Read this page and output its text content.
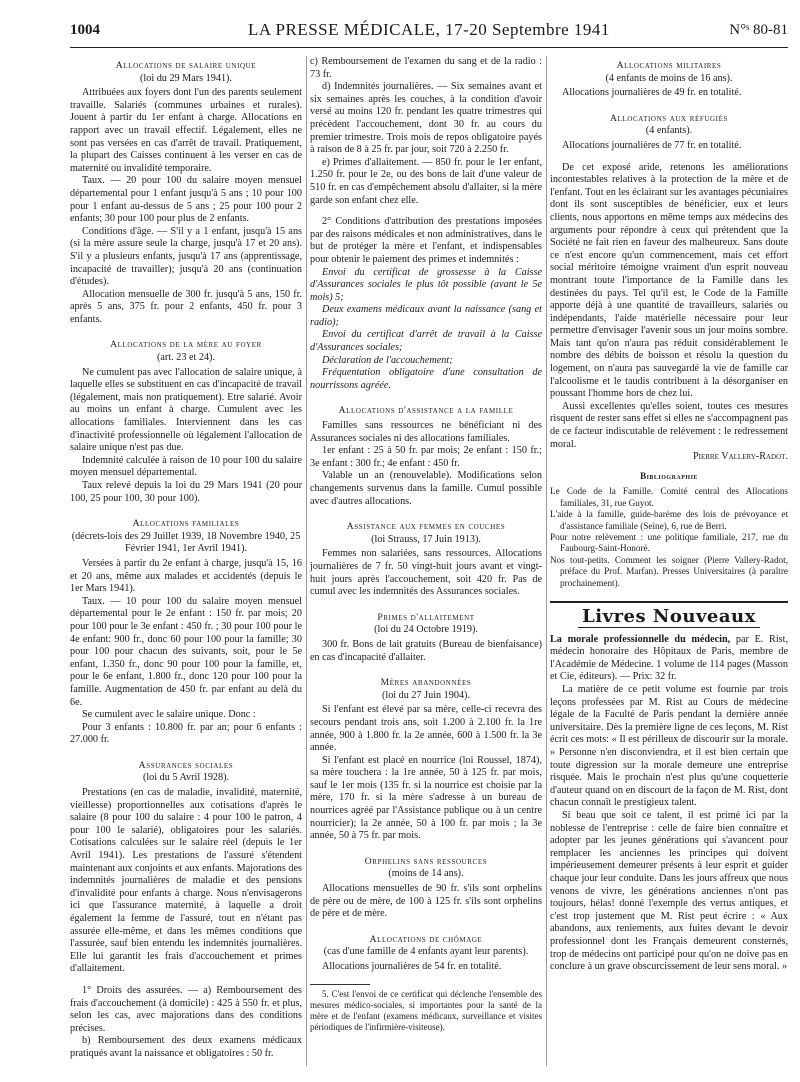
1004	LA PRESSE MÉDICALE, 17-20 Septembre 1941	N°ˢ 80-81
Allocations de salaire unique
(loi du 29 Mars 1941).

Attribuées aux foyers dont l'un des parents seulement travaille. Salariés (communes urbaines et rurales). Jouent à partir du 1er enfant à charge. Allocations en rapport avec un travail effectif. Légalement, elles ne sont pas versées en cas d'arrêt de travail. Pratiquement, la plupart des Caisses continuent à les verser en cas de maternité ou invalidité temporaire.

Taux. — 20 pour 100 du salaire moyen mensuel départemental pour 1 enfant jusqu'à 5 ans ; 10 pour 100 pour 1 enfant au-dessus de 5 ans ; 25 pour 100 pour 2 enfants; 30 pour 100 pour plus de 2 enfants.

Conditions d'âge. — S'il y a 1 enfant, jusqu'à 15 ans (si la mère assure seule la charge, jusqu'à 17 et 20 ans). S'il y a plusieurs enfants, jusqu'à 17 ans (apprentissage, incapacité de travailler); jusqu'à 20 ans (continuation d'études).

Allocation mensuelle de 300 fr. jusqu'à 5 ans, 150 fr. après 5 ans, 375 fr. pour 2 enfants, 450 fr. pour 3 enfants.

Allocations de la mère au foyer
(art. 23 et 24).

Ne cumulent pas avec l'allocation de salaire unique, à laquelle elles se substituent en cas d'incapacité de travail (légalement, mais non pratiquement). Etre salarié. Avoir au moins un enfant à charge. Cumulent avec les allocations familiales. Interviennent dans les cas d'inactivité professionnelle où légalement l'allocation de salaire unique n'est pas due.

Indemnité calculée à raison de 10 pour 100 du salaire moyen mensuel départemental.

Taux relevé depuis la loi du 29 Mars 1941 (20 pour 100, 25 pour 100, 30 pour 100).

Allocations familiales
(décrets-lois des 29 Juillet 1939, 18 Novembre 1940, 25 Février 1941, 1er Avril 1941).

Versées à partir du 2e enfant à charge, jusqu'à 15, 16 et 20 ans, même aux malades et accidentés (depuis le 1er Mars 1941).

Taux. — 10 pour 100 du salaire moyen mensuel départemental pour le 2e enfant : 150 fr. par mois; 20 pour 100 pour le 3e enfant : 450 fr. ; 30 pour 100 pour le 4e enfant: 900 fr., donc 60 pour 100 pour la famille; 30 pour 100 pour chacun des suivants, soit, pour le 5e enfant, 1.350 fr., donc 90 pour 100 pour la famille, et, pour le 6e enfant, 1.800 fr., donc 120 pour 100 pour la famille. Augmentation de 450 fr. par enfant au delà du 6e.

Se cumulent avec le salaire unique. Donc :

Pour 3 enfants : 10.800 fr. par an; pour 6 enfants : 27.000 fr.

Assurances sociales
(loi du 5 Avril 1928).

Prestations (en cas de maladie, invalidité, maternité, vieillesse) proportionnelles aux cotisations d'après le salaire (8 pour 100 du salaire : 4 pour 100 le patron, 4 pour 100 le salarié), obligatoires pour les salariés. Cotisations calculées sur le salaire réel (depuis le 1er Avril 1941). Les prestations de l'assuré s'étendent maintenant aux conjoints et aux enfants. Majorations des indemnités journalières de maladie et des pensions d'invalidité pour enfants à charge. Nous n'envisagerons ici que l'assurance maternité, à laquelle a droit également la femme de l'assuré, tout en n'étant pas assurée elle-même, et dans les mêmes conditions que l'assurée, sauf bien entendu les indemnités journalières. Elle lui garantit les frais d'accouchement et primes d'allaitement.

1° Droits des assurées. — a) Remboursement des frais d'accouchement (à domicile) : 425 à 550 fr. et plus, selon les cas, avec majorations dans des conditions précises.

b) Remboursement des deux examens médicaux pratiqués avant la naissance et obligatoires : 50 fr.

c) Remboursement de l'examen du sang et de la radio : 73 fr.

d) Indemnités journalières. — Six semaines avant et six semaines après les couches, à la condition d'avoir versé au moins 120 fr. pendant les quatre trimestres qui précèdent l'accouchement, dont 30 fr. au cours du premier trimestre. Trois mois de repos obligatoire payés à raison de 8 à 25 fr. par jour, soit 720 à 2.250 fr.

e) Primes d'allaitement. — 850 fr. pour le 1er enfant, 1.250 fr. pour le 2e, ou des bons de lait d'une valeur de 510 fr. en cas d'empêchement absolu d'allaiter, si la mère garde son enfant chez elle.

2° Conditions d'attribution des prestations imposées par des raisons médicales et non administratives, dans le but de protéger la mère et l'enfant, et indispensables pour obtenir le paiement des primes et indemnités :

Envoi du certificat de grossesse à la Caisse d'Assurances sociales le plus tôt possible (avant le 5e mois) 5;

Deux examens médicaux avant la naissance (sang et radio);

Envoi du certificat d'arrêt de travail à la Caisse d'Assurances sociales;

Déclaration de l'accouchement;

Fréquentation obligatoire d'une consultation de nourrissons agréée.

Allocations d'assistance a la famille

Familles sans ressources ne bénéficiant ni des Assurances sociales ni des allocations familiales.

1er enfant : 25 à 50 fr. par mois; 2e enfant : 150 fr.; 3e enfant : 300 fr.; 4e enfant : 450 fr.

Valable un an (renouvelable). Modifications selon changements survenus dans la famille. Cumul possible avec d'autres allocations.

Assistance aux femmes en couches
(loi Strauss, 17 Juin 1913).

Femmes non salariées, sans ressources. Allocations journalières de 7 fr. 50 vingt-huit jours avant et vingt-huit jours après l'accouchement, soit 420 fr. Pas de cumul avec les indemnités des Assurances sociales.

Primes d'allaitement
(loi du 24 Octobre 1919).

300 fr. Bons de lait gratuits (Bureau de bienfaisance) en cas d'incapacité d'allaiter.

Mères abandonnées
(loi du 27 Juin 1904).

Si l'enfant est élevé par sa mère, celle-ci recevra des secours pendant trois ans, soit 1.200 à 2.100 fr. la 1re année, 900 à 1.800 fr. la 2e année, 600 à 1.500 fr. la 3e année.

Si l'enfant est placé en nourrice (loi Roussel, 1874), sa mère touchera : la 1re année, 50 à 125 fr. par mois, sauf le 1er mois (135 fr. si la nourrice est choisie par la mère, 170 fr. si la mère s'adresse à un bureau de nourrices agréé par l'Assistance publique ou à un centre nourricier); la 2e année, 50 à 100 fr. par mois ; la 3e année, 50 à 75 fr. par mois.

Orphelins sans ressources
(moins de 14 ans).

Allocations mensuelles de 90 fr. s'ils sont orphelins de père ou de mère, de 100 à 125 fr. s'ils sont orphelins de père et de mère.

Allocations de chômage
(cas d'une famille de 4 enfants ayant leur parents).

Allocations journalières de 54 fr. en totalité.

5. C'est l'envoi de ce certificat qui déclenche l'ensemble des mesures médico-sociales, si importantes pour la santé de la mère et de l'enfant (examens médicaux, surveillance et visites périodiques de l'infirmière-visiteuse).

Allocations militaires
(4 enfants de moins de 16 ans).

Allocations journalières de 49 fr. en totalité.

Allocations aux réfugiés
(4 enfants).

Allocations journalières de 77 fr. en totalité.

De cet exposé aride, retenons les améliorations incontestables relatives à la protection de la mère et de l'enfant. Tout en les éclairant sur les avantages pécuniaires dont ils sont susceptibles de bénéficier, eux et leurs clients, nous apportons en même temps aux médecins des arguments pour répondre à ceux qui prétendent que la Société ne fait rien en faveur des malheureux. Sans doute ce n'est encore qu'un commencement, mais cet effort social méritoire témoigne vraiment d'un esprit nouveau montrant toute l'importance de la Famille dans les destinées du pays. Tel qu'il est, le Code de la Famille apporte déjà à une quantité de travailleurs, salariés ou indépendants, l'aide matérielle nécessaire pour leur permettre d'envisager l'avenir sous un jour moins sombre. Mais tant qu'on n'aura pas réduit considérablement le nombre des débits de boisson et résolu la question du logement, on n'aura pas sauvegardé la vie de famille car l'alcoolisme et le taudis contribuent à la désorganiser en poussant l'homme hors de chez lui.

Aussi excellentes qu'elles soient, toutes ces mesures risquent de rester sans effet si elles ne s'accompagnent pas de ce facteur indiscutable de relèvement : le redressement moral.

Pierre Vallery-Radot.

Bibliographie

Le Code de la Famille. Comité central des Allocations familiales, 31, rue Guyot.

L'aide à la famille, guide-barème des lois de prévoyance et d'assistance familiale (Seine), 6, rue de Berri.

Pour notre relèvement : une politique familiale, 217, rue du Faubourg-Saint-Honoré.

Nos tout-petits. Comment les soigner (Pierre Vallery-Radot, préface du Prof. Marfan). Presses Universitaires (à paraître prochainement).

Livres Nouveaux

La morale professionnelle du médecin, par E. Rist, médecin honoraire des Hôpitaux de Paris, membre de l'Académie de Médecine. 1 volume de 114 pages (Masson et Cie, éditeurs). — Prix: 32 fr.

La matière de ce petit volume est fournie par trois leçons professées par M. Rist au Cours de médecine légale de la Faculté de Paris pendant la dernière année universitaire. Dès la première ligne de ces leçons, M. Rist écrit ces mots: « Il est périlleux de discourir sur la morale. » Personne n'en disconviendra, et il est bien certain que toute digression sur la morale demeure une entreprise risquée. Mais le prochain n'est plus qu'une coquetterie d'auteur quand on en discourt de la façon de M. Rist, dont chacun connaît le prestigieux talent.

Si beau que soit ce talent, il est primé ici par la noblesse de l'entreprise : celle de faire bien connaître et adopter par les jeunes générations qui s'avancent pour remplacer les anciennes les principes qui doivent impérieusement demeurer présents à leur esprit et guider chaque jour leur conduite. Dans les jours affreux que nous venons de vivre, les générations anciennes n'ont pas toujours, hélas! donné l'exemple des vertus antiques, et c'est trop justement que M. Rist peut écrire : « Aux abandons, aux reniements, aux fuites devant le devoir professionnel dont les Français demeurent consternés, trop de médecins ont participé pour qu'on ne doive pas en conclure à un grave obscurcissement de leur sens moral. »
